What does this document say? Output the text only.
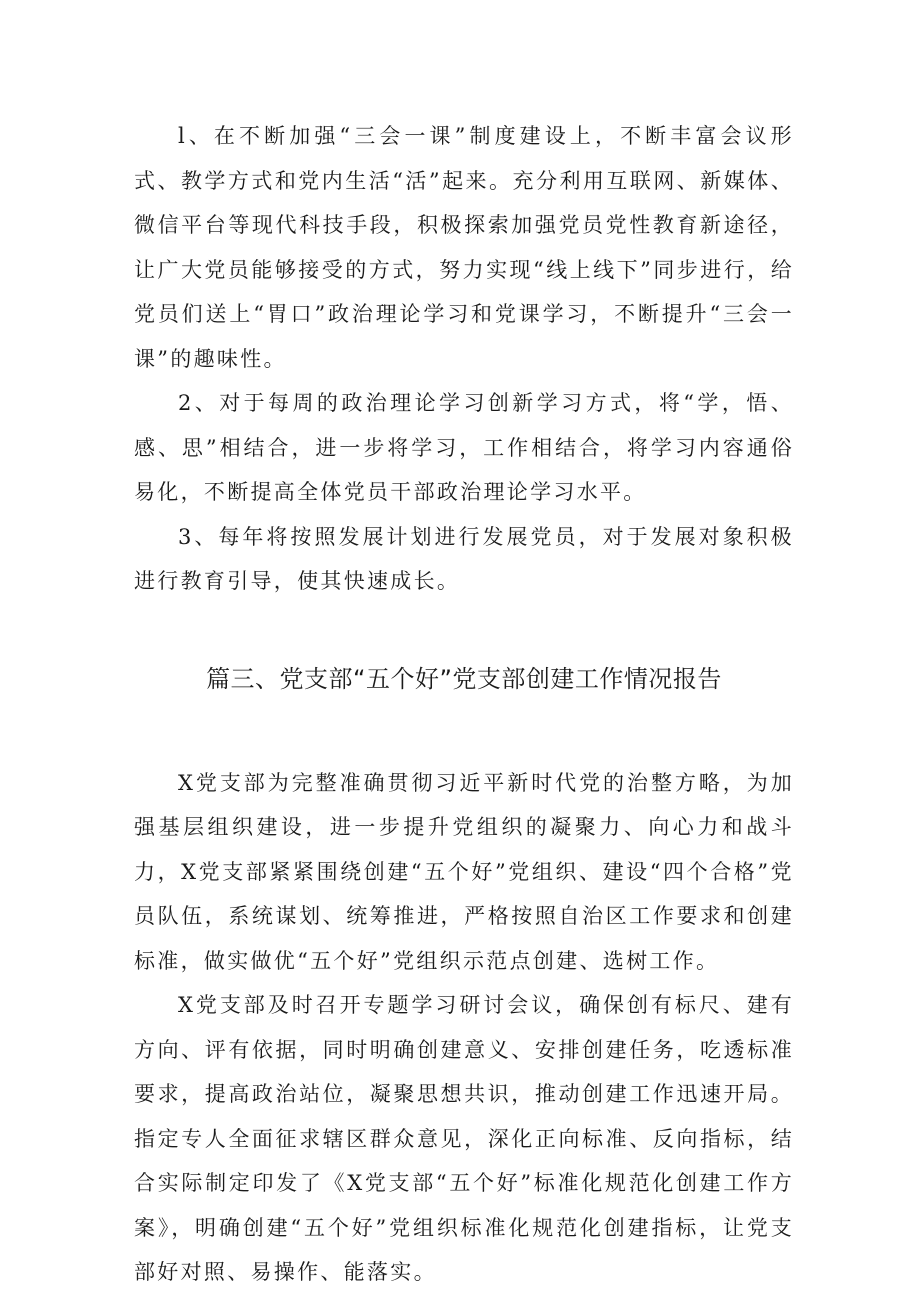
l、在不断加强“三会一课”制度建设上，不断丰富会议形式、教学方式和党内生活“活”起来。充分利用互联网、新媒体、微信平台等现代科技手段，积极探索加强党员党性教育新途径，让广大党员能够接受的方式，努力实现“线上线下”同步进行，给党员们送上“胃口”政治理论学习和党课学习，不断提升“三会一课”的趣味性。

2、对于每周的政治理论学习创新学习方式，将“学，悟、感、思”相结合，进一步将学习，工作相结合，将学习内容通俗易化，不断提高全体党员干部政治理论学习水平。

3、每年将按照发展计划进行发展党员，对于发展对象积极进行教育引导，使其快速成长。

篇三、党支部“五个好”党支部创建工作情况报告

X党支部为完整准确贯彻习近平新时代党的治整方略，为加强基层组织建设，进一步提升党组织的凝聚力、向心力和战斗力，X党支部紧紧围绕创建“五个好”党组织、建设“四个合格”党员队伍，系统谋划、统筹推进，严格按照自治区工作要求和创建标准，做实做优“五个好”党组织示范点创建、选树工作。

X党支部及时召开专题学习研讨会议，确保创有标尺、建有方向、评有依据，同时明确创建意义、安排创建任务，吃透标准要求，提高政治站位，凝聚思想共识，推动创建工作迅速开局。指定专人全面征求辖区群众意见，深化正向标准、反向指标，结合实际制定印发了《X党支部“五个好”标准化规范化创建工作方案》，明确创建“五个好”党组织标准化规范化创建指标，让党支部好对照、易操作、能落实。
